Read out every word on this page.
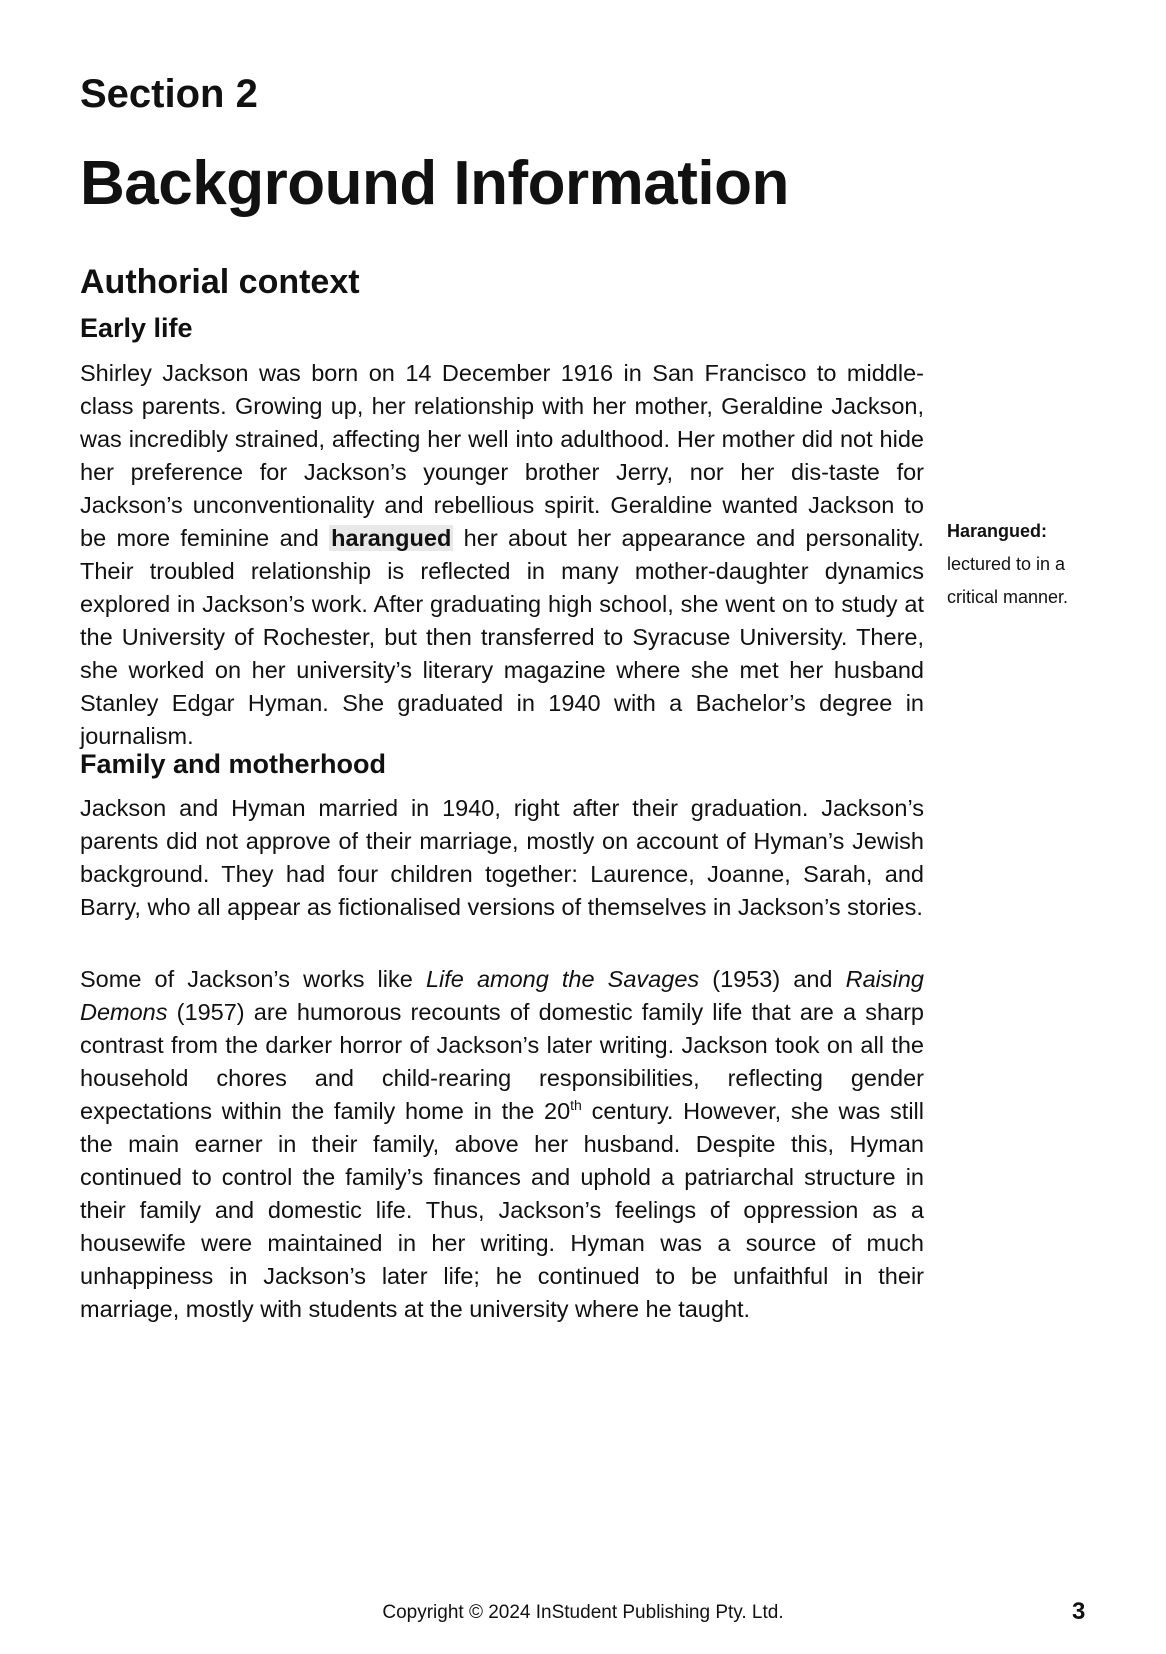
Section 2
Background Information
Authorial context
Early life

Shirley Jackson was born on 14 December 1916 in San Francisco to middle-class parents. Growing up, her relationship with her mother, Geraldine Jackson, was incredibly strained, affecting her well into adulthood. Her mother did not hide her preference for Jackson’s younger brother Jerry, nor her dis-taste for Jackson’s unconventionality and rebellious spirit. Geraldine wanted Jackson to be more feminine and harangued her about her appearance and personality. Their troubled relationship is reflected in many mother-daughter dynamics explored in Jackson’s work. After graduating high school, she went on to study at the University of Rochester, but then transferred to Syracuse University. There, she worked on her university’s literary magazine where she met her husband Stanley Edgar Hyman. She graduated in 1940 with a Bachelor’s degree in journalism.

Harangued:
lectured to in a critical manner.
Family and motherhood

Jackson and Hyman married in 1940, right after their graduation. Jackson’s parents did not approve of their marriage, mostly on account of Hyman’s Jewish background. They had four children together: Laurence, Joanne, Sarah, and Barry, who all appear as fictionalised versions of themselves in Jackson’s stories.

Some of Jackson’s works like Life among the Savages (1953) and Raising Demons (1957) are humorous recounts of domestic family life that are a sharp contrast from the darker horror of Jackson’s later writing. Jackson took on all the household chores and child-rearing responsibilities, reflecting gender expectations within the family home in the 20th century. However, she was still the main earner in their family, above her husband. Despite this, Hyman continued to control the family’s finances and uphold a patriarchal structure in their family and domestic life. Thus, Jackson’s feelings of oppression as a housewife were maintained in her writing. Hyman was a source of much unhappiness in Jackson’s later life; he continued to be unfaithful in their marriage, mostly with students at the university where he taught.

Copyright © 2024 InStudent Publishing Pty. Ltd.	3
